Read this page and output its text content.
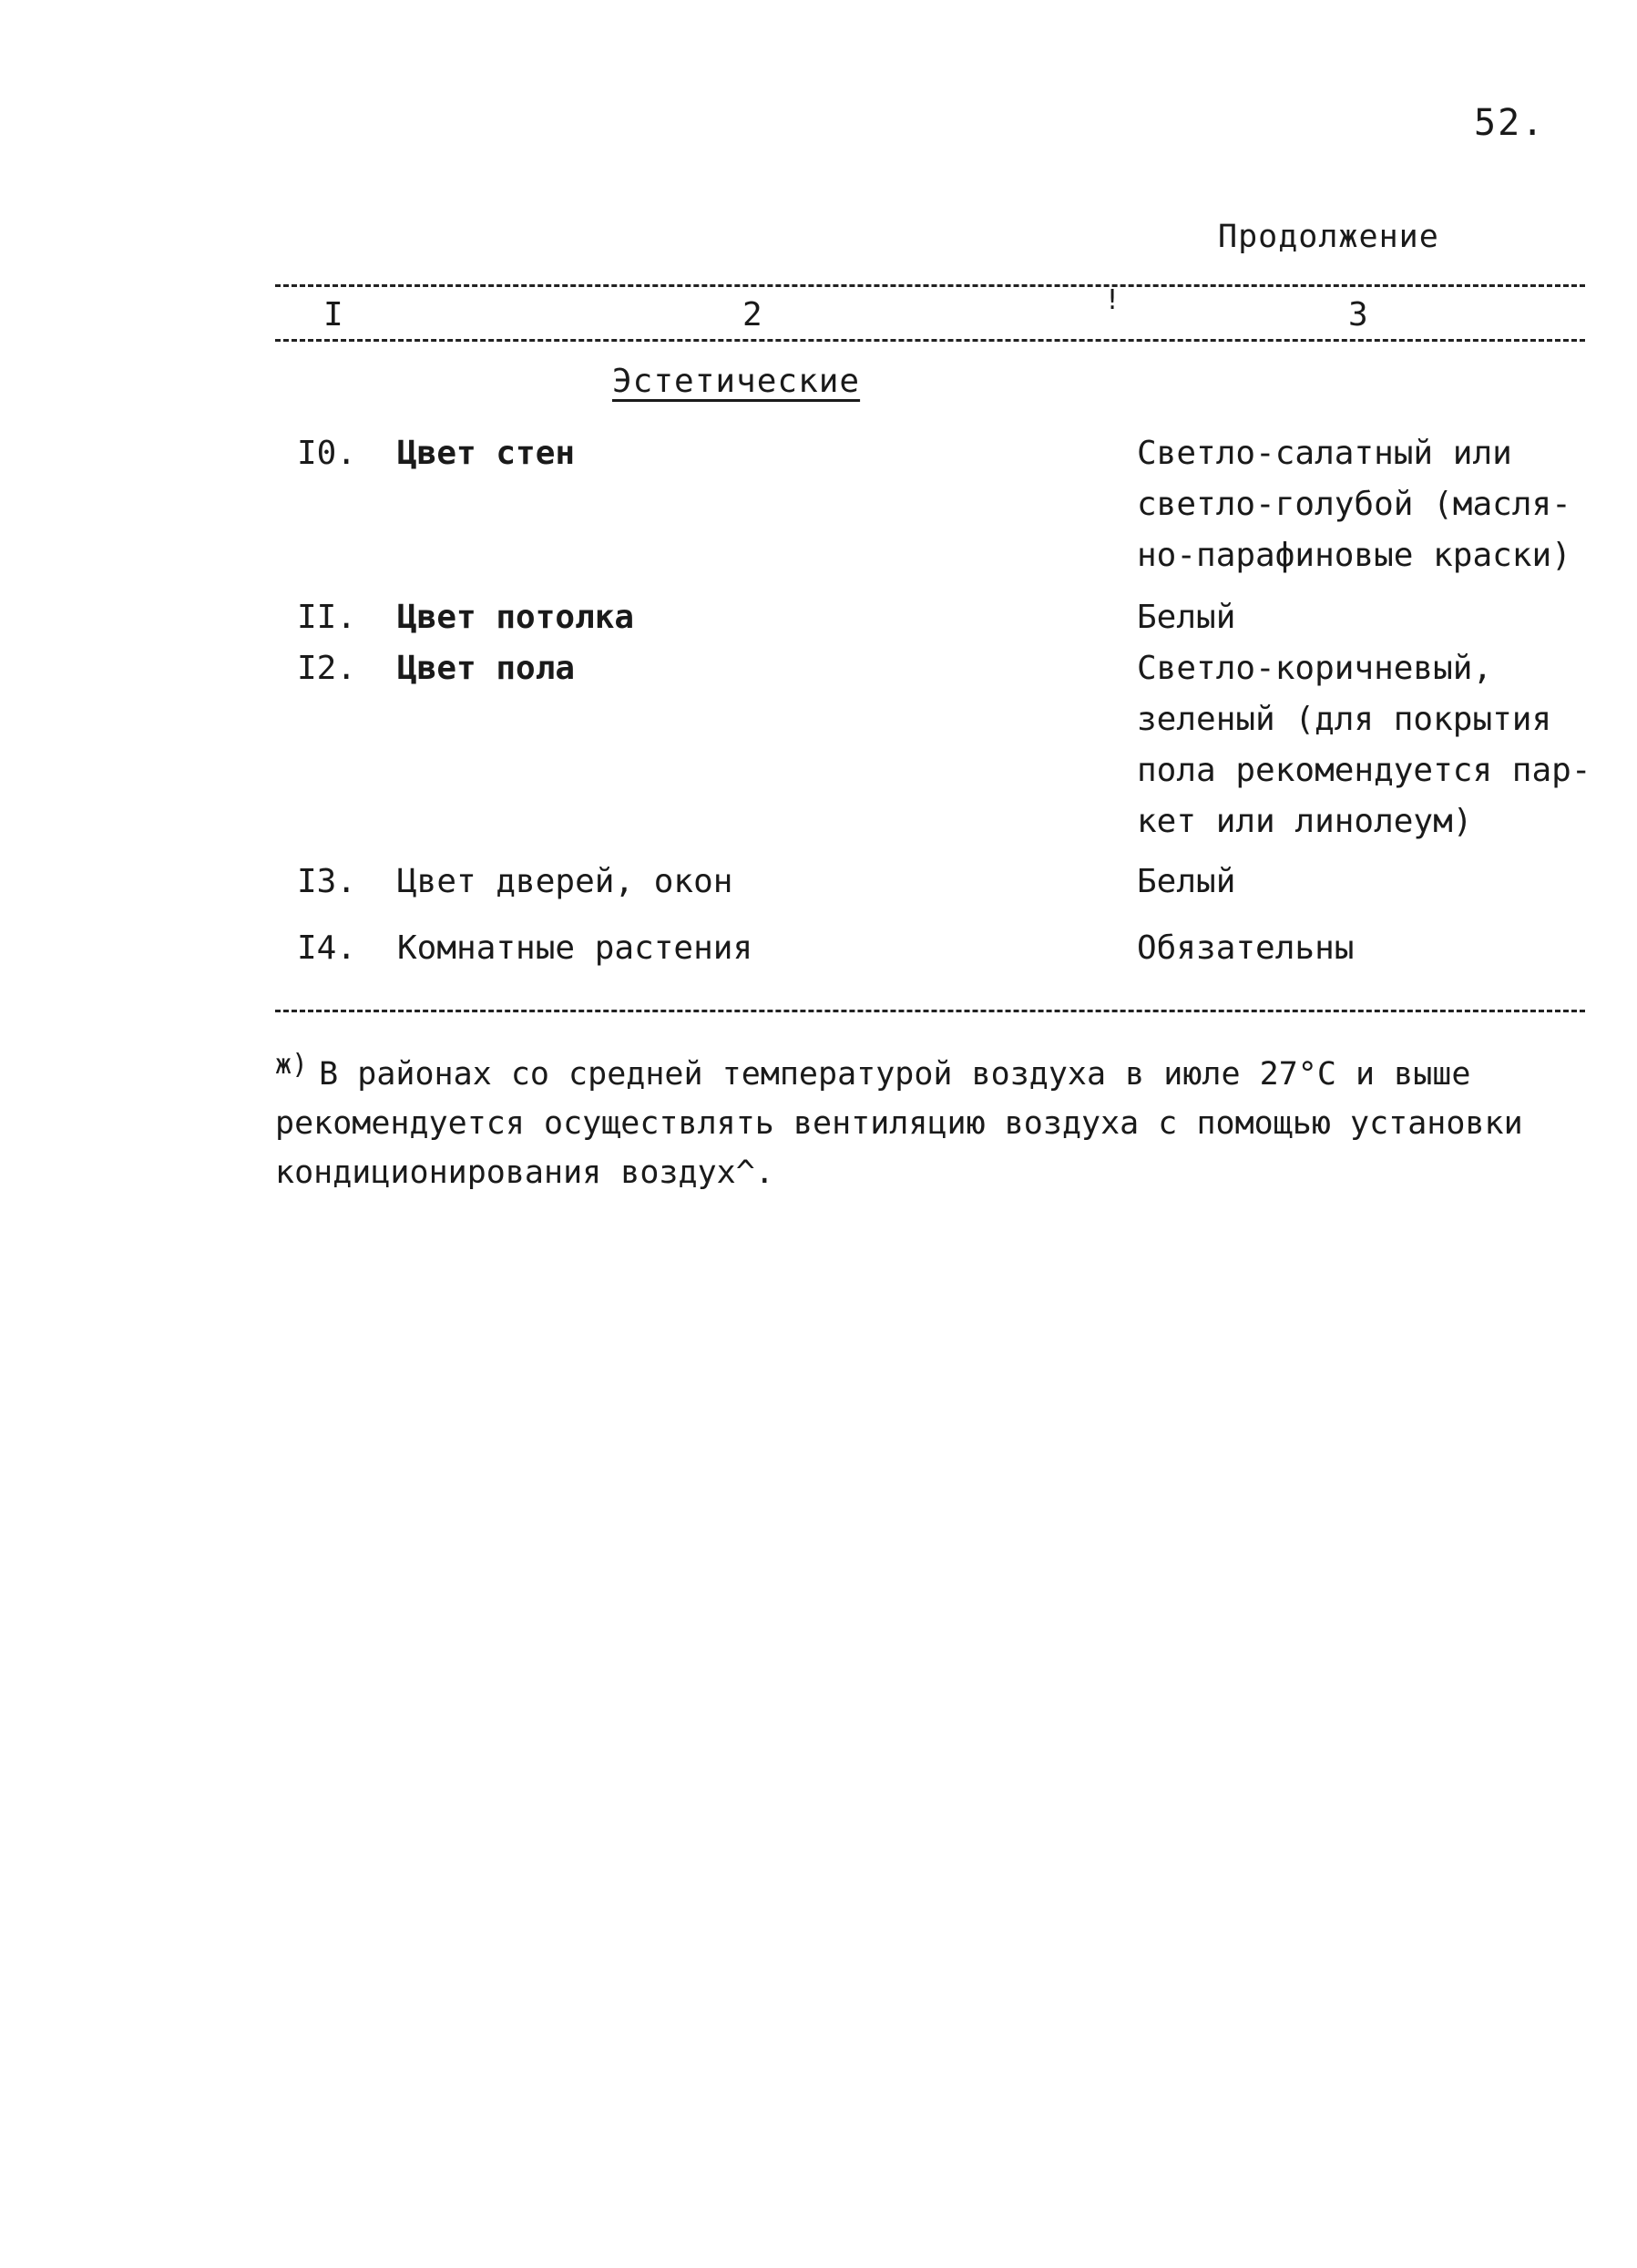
52.
Продолжение
I	2	!	3
Эстетические
I0. Цвет стен	Светло-салатный или
светло-голубой (масля-
но-парафиновые краски)
II. Цвет потолка	Белый
I2. Цвет пола	Светло-коричневый,
зеленый (для покрытия
пола рекомендуется пар-
кет или линолеум)
I3. Цвет дверей, окон	Белый
I4. Комнатные растения	Обязательны
ж) В районах со средней температурой воздуха в июле 27°С и выше
рекомендуется осуществлять вентиляцию воздуха с помощью установки
кондиционирования воздух^.
